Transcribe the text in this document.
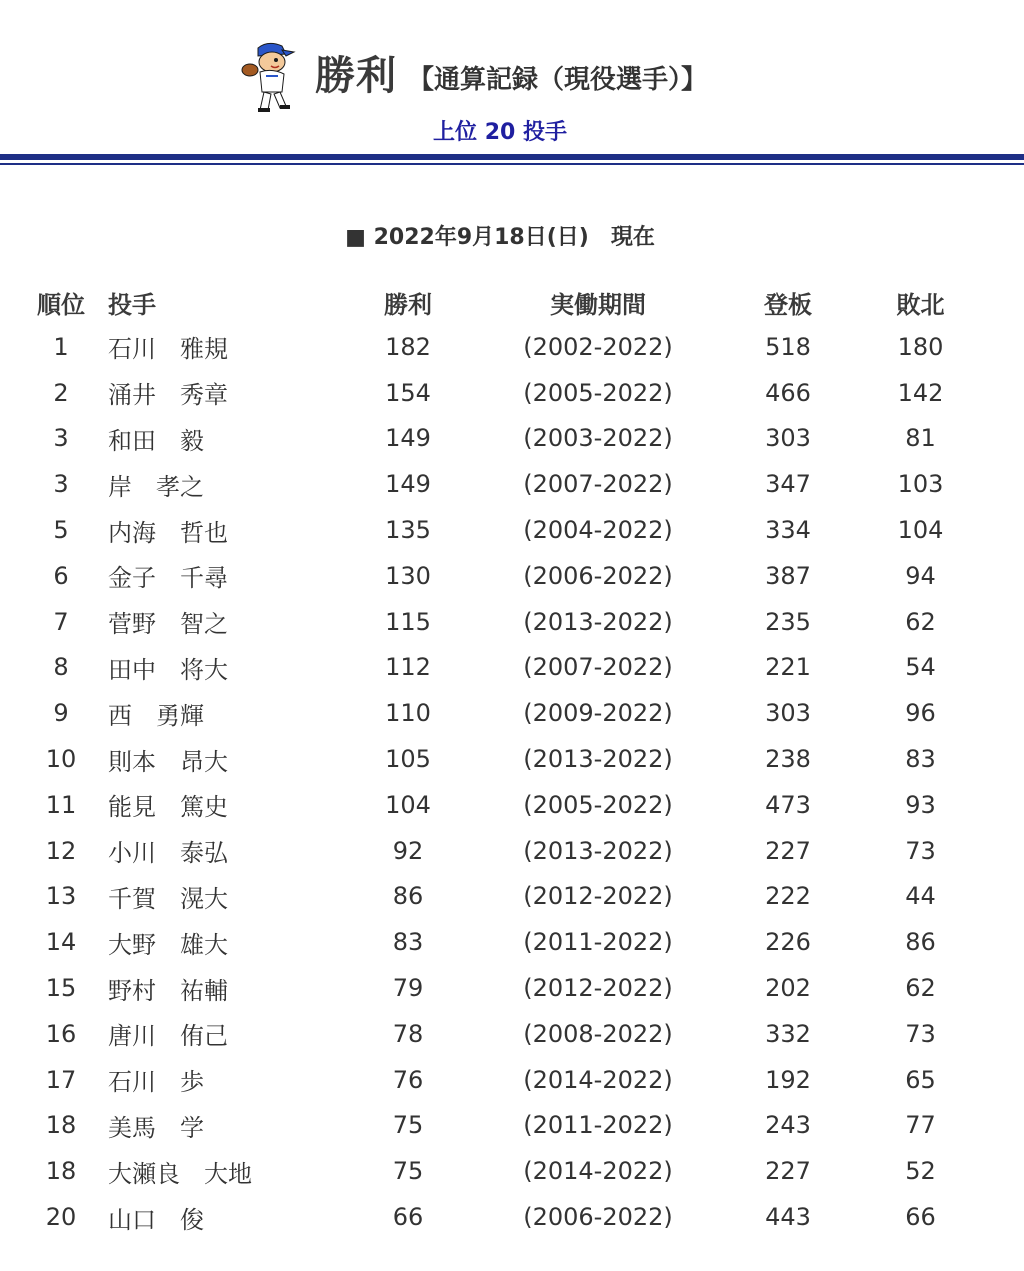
勝利 【通算記録（現役選手）】
上位 20 投手
■ 2022年9月18日(日)　現在
順位	投手	勝利	実働期間	登板	敗北
1	石川　雅規	182	(2002-2022)	518	180
2	涌井　秀章	154	(2005-2022)	466	142
3	和田　毅	149	(2003-2022)	303	81
3	岸　孝之	149	(2007-2022)	347	103
5	内海　哲也	135	(2004-2022)	334	104
6	金子　千尋	130	(2006-2022)	387	94
7	菅野　智之	115	(2013-2022)	235	62
8	田中　将大	112	(2007-2022)	221	54
9	西　勇輝	110	(2009-2022)	303	96
10	則本　昂大	105	(2013-2022)	238	83
11	能見　篤史	104	(2005-2022)	473	93
12	小川　泰弘	92	(2013-2022)	227	73
13	千賀　滉大	86	(2012-2022)	222	44
14	大野　雄大	83	(2011-2022)	226	86
15	野村　祐輔	79	(2012-2022)	202	62
16	唐川　侑己	78	(2008-2022)	332	73
17	石川　歩	76	(2014-2022)	192	65
18	美馬　学	75	(2011-2022)	243	77
18	大瀬良　大地	75	(2014-2022)	227	52
20	山口　俊	66	(2006-2022)	443	66
